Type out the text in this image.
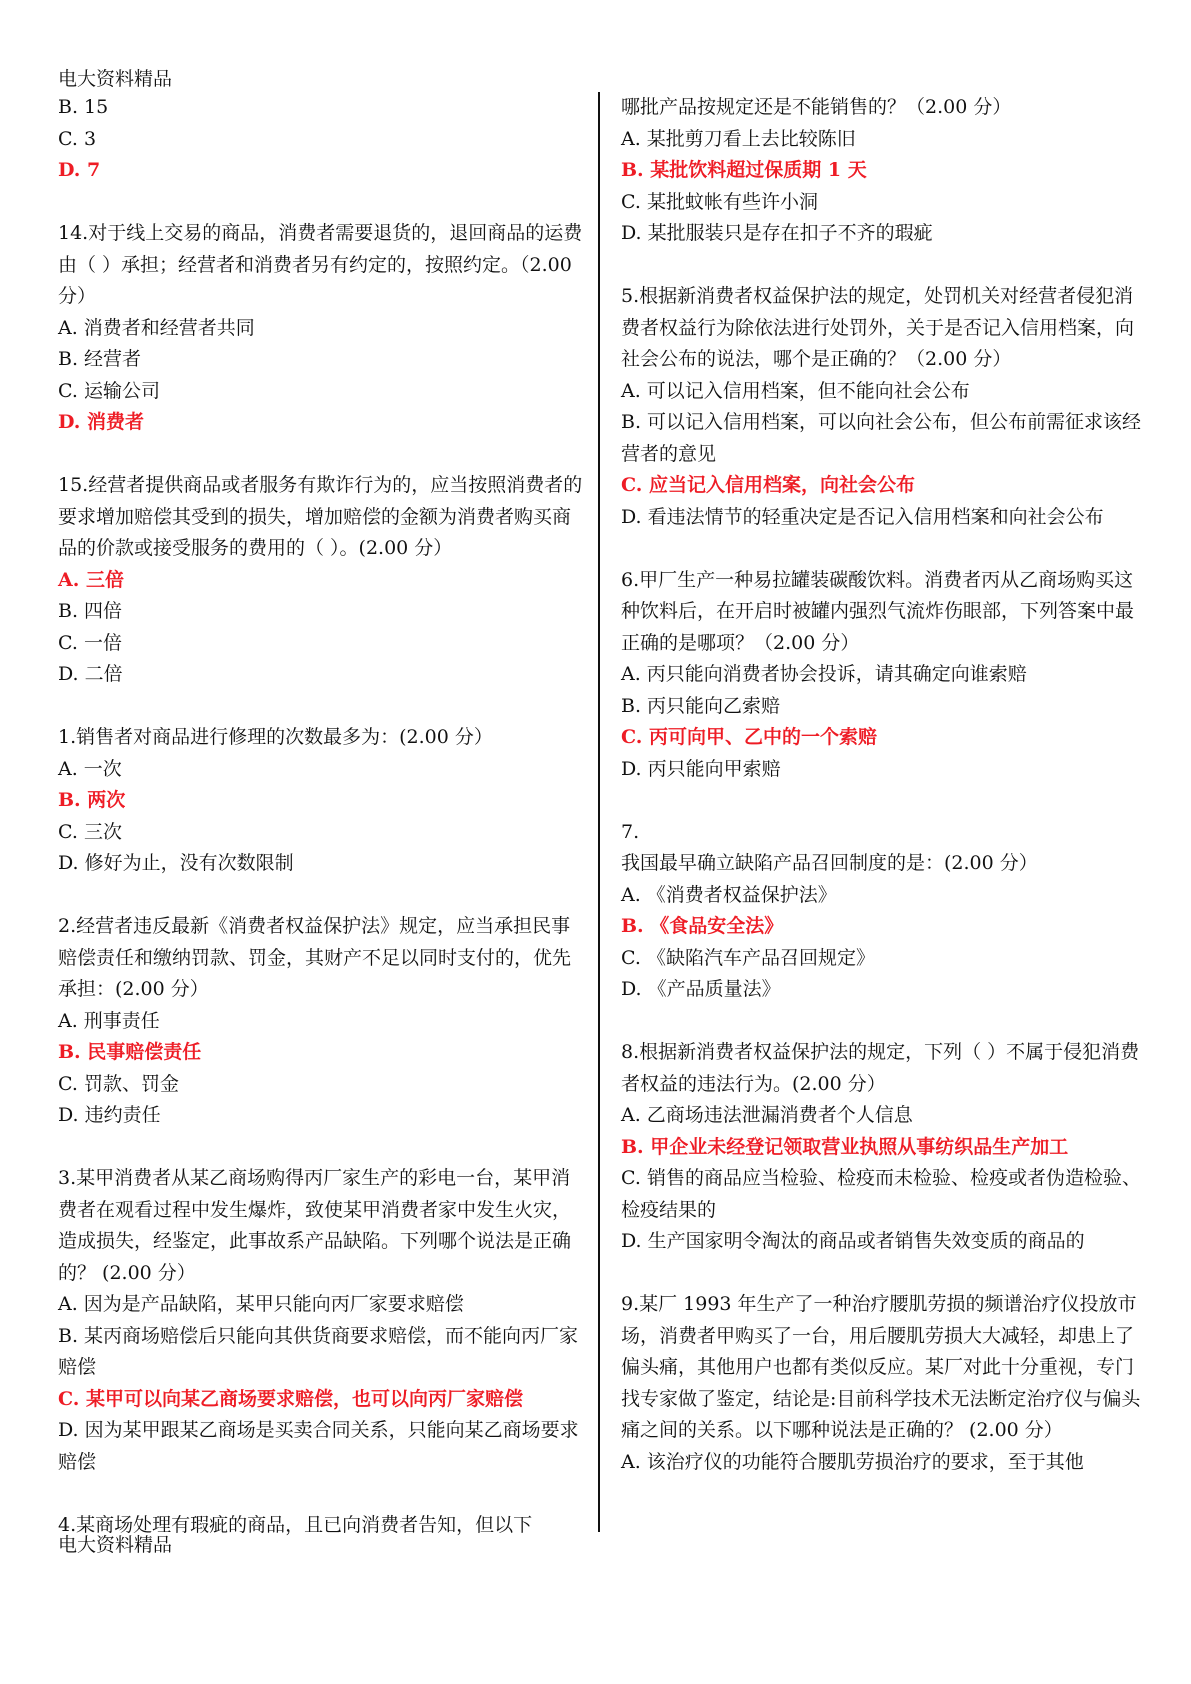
电大资料精品
B. 15
C. 3
D. 7
14.对于线上交易的商品，消费者需要退货的，退回商品的运费由（ ）承担；经营者和消费者另有约定的，按照约定。（2.00 分）
A. 消费者和经营者共同
B. 经营者
C. 运输公司
D. 消费者
15.经营者提供商品或者服务有欺诈行为的，应当按照消费者的要求增加赔偿其受到的损失，增加赔偿的金额为消费者购买商品的价款或接受服务的费用的（ ）。(2.00 分）
A. 三倍
B. 四倍
C. 一倍
D. 二倍
1.销售者对商品进行修理的次数最多为：(2.00 分）
A. 一次
B. 两次
C. 三次
D. 修好为止，没有次数限制
2.经营者违反最新《消费者权益保护法》规定，应当承担民事赔偿责任和缴纳罚款、罚金，其财产不足以同时支付的，优先承担：(2.00 分）
A. 刑事责任
B. 民事赔偿责任
C. 罚款、罚金
D. 违约责任
3.某甲消费者从某乙商场购得丙厂家生产的彩电一台，某甲消费者在观看过程中发生爆炸，致使某甲消费者家中发生火灾，造成损失，经鉴定，此事故系产品缺陷。下列哪个说法是正确的？ (2.00 分）
A. 因为是产品缺陷，某甲只能向丙厂家要求赔偿
B. 某丙商场赔偿后只能向其供货商要求赔偿，而不能向丙厂家赔偿
C. 某甲可以向某乙商场要求赔偿，也可以向丙厂家赔偿
D. 因为某甲跟某乙商场是买卖合同关系，只能向某乙商场要求赔偿
4.某商场处理有瑕疵的商品，且已向消费者告知，但以下
哪批产品按规定还是不能销售的？（2.00 分）
A. 某批剪刀看上去比较陈旧
B. 某批饮料超过保质期 1 天
C. 某批蚊帐有些许小洞
D. 某批服装只是存在扣子不齐的瑕疵
5.根据新消费者权益保护法的规定，处罚机关对经营者侵犯消费者权益行为除依法进行处罚外，关于是否记入信用档案，向社会公布的说法，哪个是正确的？（2.00 分）
A. 可以记入信用档案，但不能向社会公布
B. 可以记入信用档案，可以向社会公布，但公布前需征求该经营者的意见
C. 应当记入信用档案，向社会公布
D. 看违法情节的轻重决定是否记入信用档案和向社会公布
6.甲厂生产一种易拉罐装碳酸饮料。消费者丙从乙商场购买这种饮料后，在开启时被罐内强烈气流炸伤眼部，下列答案中最正确的是哪项？（2.00 分）
A. 丙只能向消费者协会投诉，请其确定向谁索赔
B. 丙只能向乙索赔
C. 丙可向甲、乙中的一个索赔
D. 丙只能向甲索赔
7.
我国最早确立缺陷产品召回制度的是：(2.00 分）
A. 《消费者权益保护法》
B. 《食品安全法》
C. 《缺陷汽车产品召回规定》
D. 《产品质量法》
8.根据新消费者权益保护法的规定，下列（ ）不属于侵犯消费者权益的违法行为。(2.00 分）
A. 乙商场违法泄漏消费者个人信息
B. 甲企业未经登记领取营业执照从事纺织品生产加工
C. 销售的商品应当检验、检疫而未检验、检疫或者伪造检验、检疫结果的
D. 生产国家明令淘汰的商品或者销售失效变质的商品的
9.某厂 1993 年生产了一种治疗腰肌劳损的频谱治疗仪投放市场，消费者甲购买了一台，用后腰肌劳损大大减轻，却患上了偏头痛，其他用户也都有类似反应。某厂对此十分重视，专门找专家做了鉴定，结论是:目前科学技术无法断定治疗仪与偏头痛之间的关系。以下哪种说法是正确的？ (2.00 分）
A. 该治疗仪的功能符合腰肌劳损治疗的要求，至于其他
电大资料精品
